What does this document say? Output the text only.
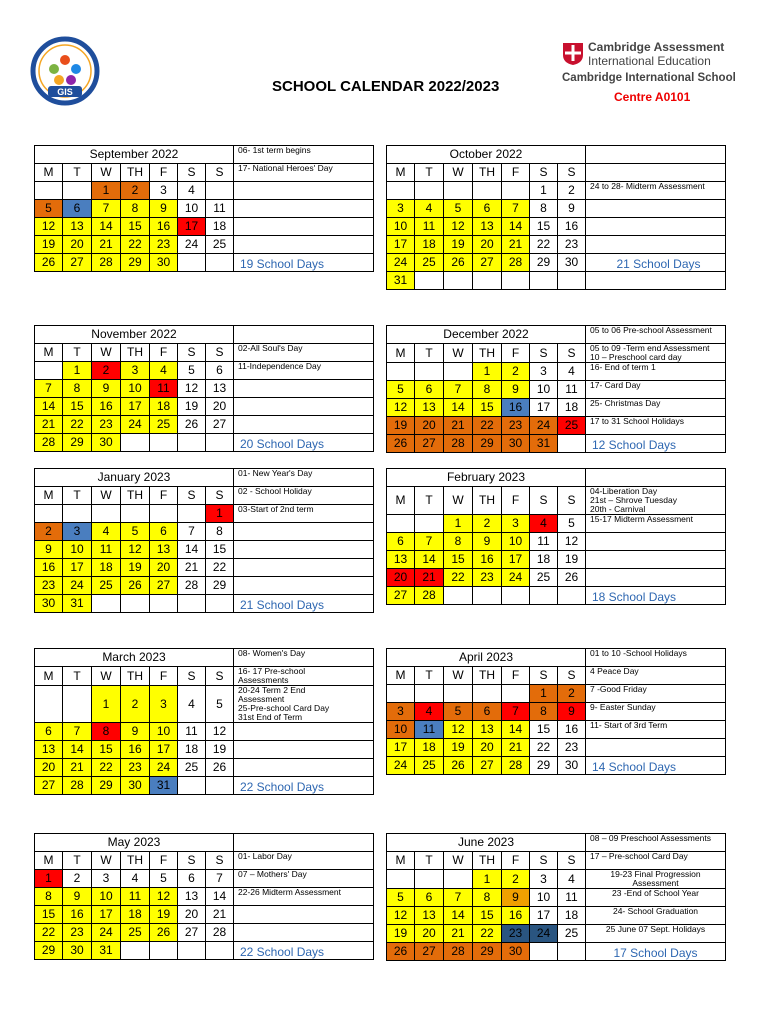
GIS	SCHOOL CALENDAR 2022/2023
Cambridge Assessment
International Education
Cambridge International School
Centre A0101
September 2022							06- 1st term begins
M	T	W	TH	F	S	S	17- National Heroes' Day
		1	2	3	4		
5	6	7	8	9	10	11	
12	13	14	15	16	17	18	
19	20	21	22	23	24	25	
26	27	28	29	30			19 School Days
October 2022							
M	T	W	TH	F	S	S	
					1	2	24 to 28- Midterm Assessment
3	4	5	6	7	8	9	
10	11	12	13	14	15	16	
17	18	19	20	21	22	23	
24	25	26	27	28	29	30	21 School Days
31							
November 2022							
M	T	W	TH	F	S	S	02-All Soul's Day
	1	2	3	4	5	6	11-Independence Day
7	8	9	10	11	12	13	
14	15	16	17	18	19	20	
21	22	23	24	25	26	27	
28	29	30					20 School Days
December 2022							05 to 06 Pre-school Assessment
M	T	W	TH	F	S	S	05 to 09 -Term end Assessment
10 – Preschool card day
			1	2	3	4	16- End of term 1
5	6	7	8	9	10	11	17- Card Day
12	13	14	15	16	17	18	25- Christmas Day
19	20	21	22	23	24	25	17 to 31 School Holidays
26	27	28	29	30	31		12 School Days
January 2023							01- New Year's Day
M	T	W	TH	F	S	S	02 - School Holiday
						1	03-Start of 2nd term
2	3	4	5	6	7	8	
9	10	11	12	13	14	15	
16	17	18	19	20	21	22	
23	24	25	26	27	28	29	
30	31						21 School Days
February 2023							
M	T	W	TH	F	S	S	04-Liberation Day
21st – Shrove Tuesday
20th - Carnival
		1	2	3	4	5	15-17 Midterm Assessment
6	7	8	9	10	11	12	
13	14	15	16	17	18	19	
20	21	22	23	24	25	26	
27	28						18 School Days
March 2023							08- Women's Day
M	T	W	TH	F	S	S	16- 17 Pre-school
Assessments
		1	2	3	4	5	20-24 Term 2 End
Assessment
25-Pre-school Card Day
31st End of Term
6	7	8	9	10	11	12	
13	14	15	16	17	18	19	
20	21	22	23	24	25	26	
27	28	29	30	31			22 School Days
April 2023							01 to 10 -School Holidays
M	T	W	TH	F	S	S	4 Peace Day
					1	2	7 -Good Friday
3	4	5	6	7	8	9	9- Easter Sunday
10	11	12	13	14	15	16	11- Start of 3rd Term
17	18	19	20	21	22	23	
24	25	26	27	28	29	30	14 School Days
May 2023							
M	T	W	TH	F	S	S	01- Labor Day
1	2	3	4	5	6	7	07 – Mothers' Day
8	9	10	11	12	13	14	22-26 Midterm Assessment
15	16	17	18	19	20	21	
22	23	24	25	26	27	28	
29	30	31					22 School Days
June 2023							08 – 09 Preschool Assessments
M	T	W	TH	F	S	S	17 – Pre-school Card Day
			1	2	3	4	19-23 Final Progression
Assessment
5	6	7	8	9	10	11	23 -End of School Year
12	13	14	15	16	17	18	24- School Graduation
19	20	21	22	23	24	25	25 June 07 Sept. Holidays
26	27	28	29	30			17 School Days
